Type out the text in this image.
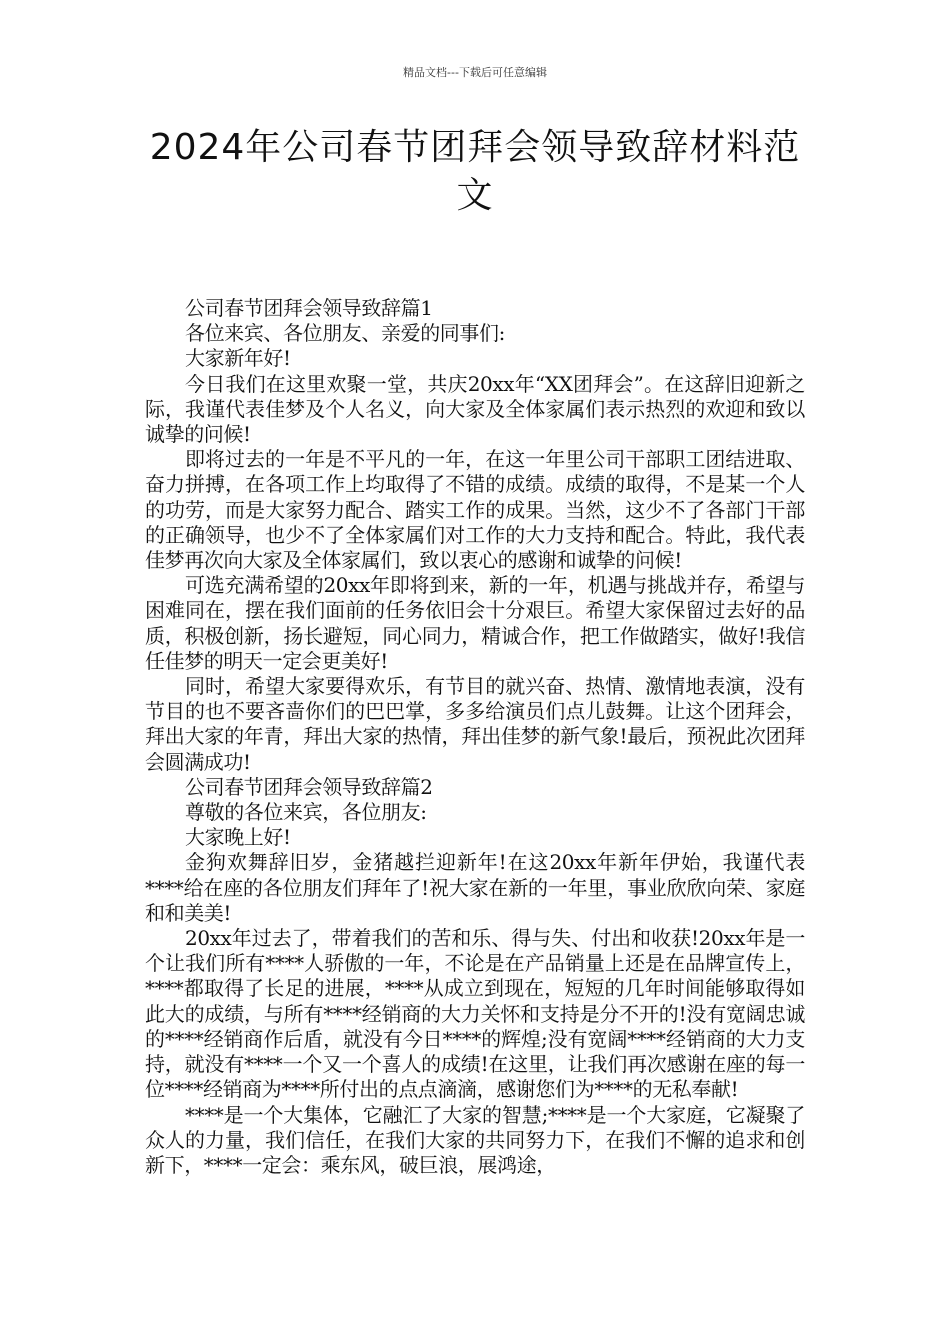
精品文档---下载后可任意编辑
2024年公司春节团拜会领导致辞材料范文

公司春节团拜会领导致辞篇1

各位来宾、各位朋友、亲爱的同事们:

大家新年好!

今日我们在这里欢聚一堂，共庆20xx年“XX团拜会”。在这辞旧迎新之际，我谨代表佳梦及个人名义，向大家及全体家属们表示热烈的欢迎和致以诚挚的问候!

即将过去的一年是不平凡的一年，在这一年里公司干部职工团结进取、奋力拼搏，在各项工作上均取得了不错的成绩。成绩的取得，不是某一个人的功劳，而是大家努力配合、踏实工作的成果。当然，这少不了各部门干部的正确领导，也少不了全体家属们对工作的大力支持和配合。特此，我代表佳梦再次向大家及全体家属们，致以衷心的感谢和诚挚的问候!

可选充满希望的20xx年即将到来，新的一年，机遇与挑战并存，希望与困难同在，摆在我们面前的任务依旧会十分艰巨。希望大家保留过去好的品质，积极创新，扬长避短，同心同力，精诚合作，把工作做踏实，做好!我信任佳梦的明天一定会更美好!

同时，希望大家要得欢乐，有节目的就兴奋、热情、激情地表演，没有节目的也不要吝啬你们的巴巴掌，多多给演员们点儿鼓舞。让这个团拜会，拜出大家的年青，拜出大家的热情，拜出佳梦的新气象!最后，预祝此次团拜会圆满成功!

公司春节团拜会领导致辞篇2

尊敬的各位来宾，各位朋友:

大家晚上好!

金狗欢舞辞旧岁，金猪越拦迎新年!在这20xx年新年伊始，我谨代表****给在座的各位朋友们拜年了!祝大家在新的一年里，事业欣欣向荣、家庭和和美美!

20xx年过去了，带着我们的苦和乐、得与失、付出和收获!20xx年是一个让我们所有****人骄傲的一年，不论是在产品销量上还是在品牌宣传上，****都取得了长足的进展，****从成立到现在，短短的几年时间能够取得如此大的成绩，与所有****经销商的大力关怀和支持是分不开的!没有宽阔忠诚的****经销商作后盾，就没有今日****的辉煌;没有宽阔****经销商的大力支持，就没有****一个又一个喜人的成绩!在这里，让我们再次感谢在座的每一位****经销商为****所付出的点点滴滴，感谢您们为****的无私奉献!

****是一个大集体，它融汇了大家的智慧;****是一个大家庭，它凝聚了众人的力量，我们信任，在我们大家的共同努力下，在我们不懈的追求和创新下，****一定会：乘东风，破巨浪，展鸿途，
